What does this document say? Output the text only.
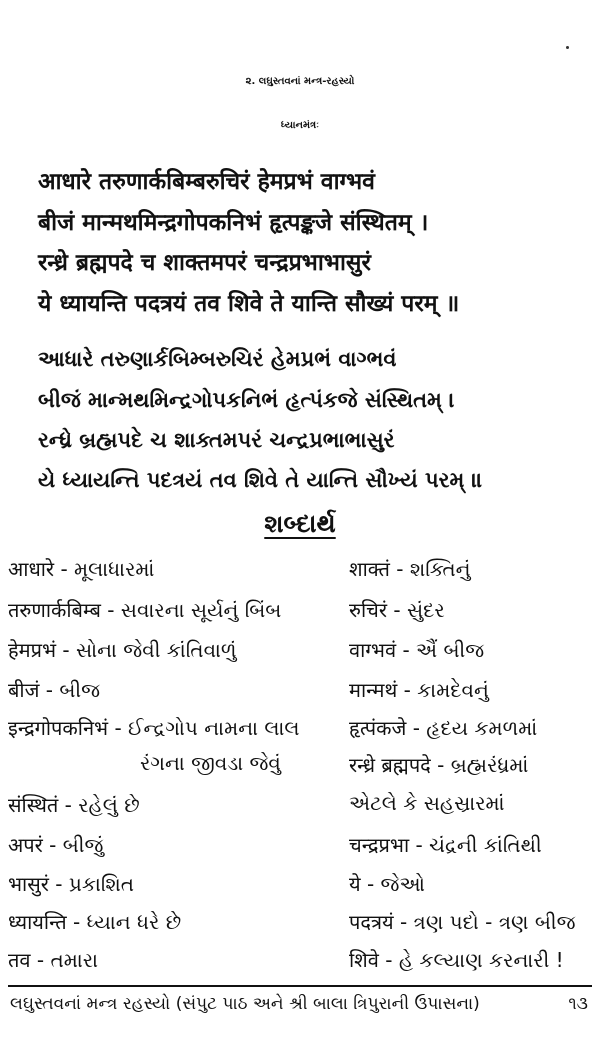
૨. લઘુસ્તવનાં મન્ત્ર-રહસ્યો
ધ્યાનમંત્રઃ
आधारे तरुणार्कबिम्बरुचिरं हेमप्रभं वाग्भवं
बीजं मान्मथमिन्द्रगोपकनिभं हृत्पङ्कजे संस्थितम् ।
रन्ध्रे ब्रह्मपदे च शाक्तमपरं चन्द्रप्रभाभासुरं
ये ध्यायन्ति पदत्रयं तव शिवे ते यान्ति सौख्यं परम् ॥
આધારે તરુણાર્કબિમ્બરુચિરં હેમપ્રભં વાગ્ભવં
બીજં માન્મથમિન્દ્રગોપકનિભં હૃત્પંકજે સંસ્થિતમ્ ।
રન્ધ્રે બ્રહ્મપદે ચ શાક્તમપરં ચન્દ્રપ્રભાભાસુરં
યે ધ્યાયન્તિ પદત્રયં તવ શિવે તે યાન્તિ સૌખ્યં પરમ્ ॥
શબ્દાર્થ
आधारे - મૂલાધારમાં
तरुणार्कबिम्ब - સવારના સૂર્યનું બિંબ
हेमप्रभं - સોના જેવી કાંતિવાળું
बीजं - બીજ
इन्द्रगोपकनिभं - ઈન્દ્રગોપ નામના લાલ
રંગના જીવડા જેવું
संस्थितं - રહેલું છે
अपरं - બીજું
भासुरं - પ્રકાશિત
ध्यायन्ति - ધ્યાન ધરે છે
तव - તમારા
शाक्तं - શક્તિનું
रुचिरं - સુંદર
वाग्भवं - ઐં બીજ
मान्मथं - કામદેવનું
हृत्पंकजे - હૃદય કમળમાં
रन्ध्रे ब्रह्मपदे - બ્રહ્મરંધ્રમાં
એટલે કે સહસ્રારમાં
चन्द्रप्रभा - ચંદ્રની કાંતિથી
ये - જેઓ
पदत्रयं - ત્રણ પદો - ત્રણ બીજ
शिवे - હે કલ્યાણ કરનારી !
લઘુસ્તવનાં મન્ત્ર રહસ્યો (સંપુટ પાઠ અને શ્રી બાલા ત્રિપુરાની ઉપાસના)	૧૩
